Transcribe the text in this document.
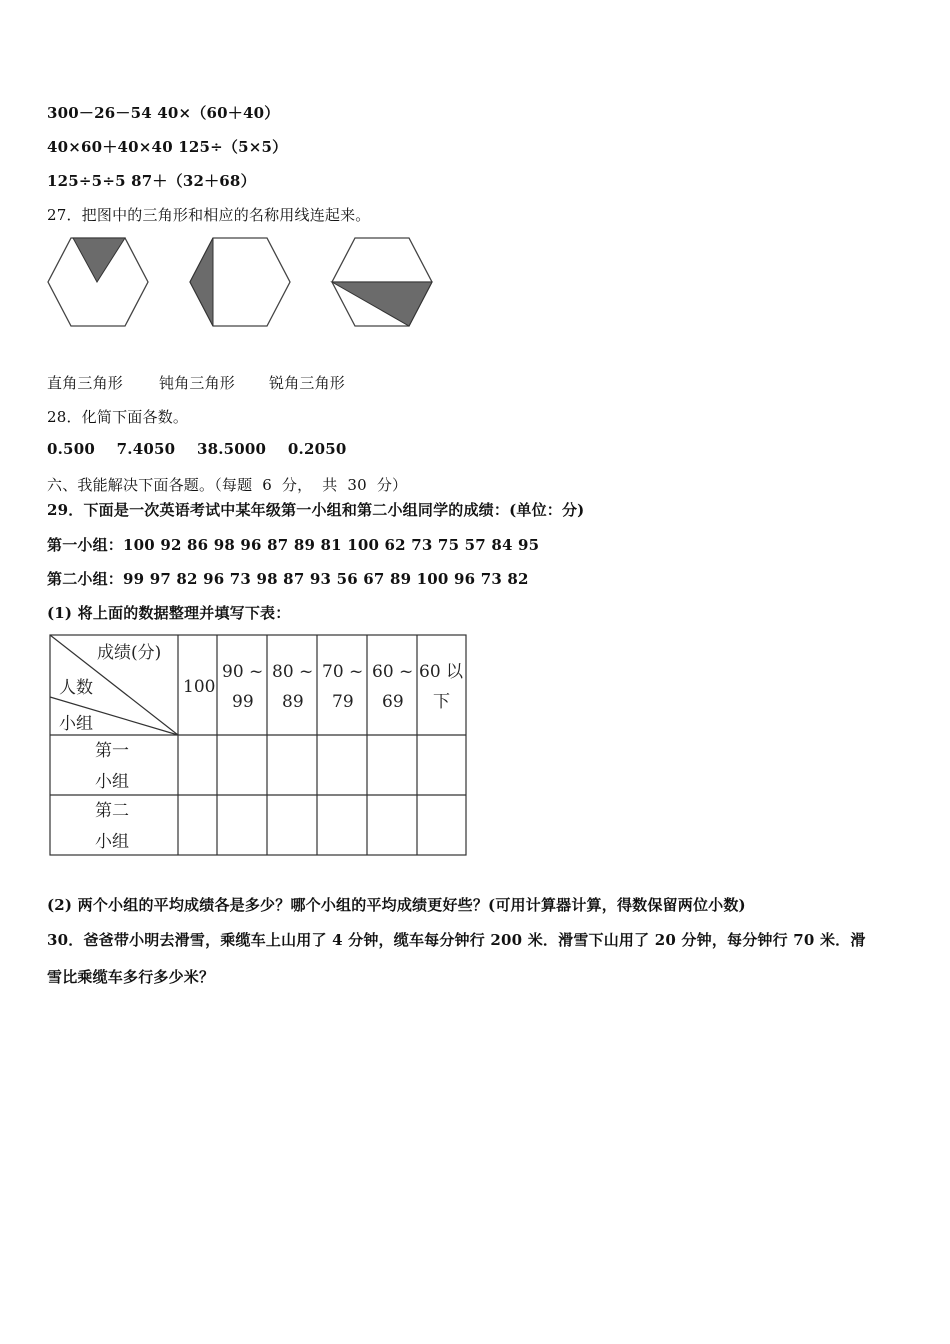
300－26－54 40×（60＋40）
40×60＋40×40 125÷（5×5）
125÷5÷5 87＋（32＋68）
27．把图中的三角形和相应的名称用线连起来。
直角三角形 钝角三角形 锐角三角形
28．化简下面各数。
0.500    7.4050    38.5000    0.2050
六、我能解决下面各题。（每题  6  分，  共  30  分）
29．下面是一次英语考试中某年级第一小组和第二小组同学的成绩：(单位：分)
第一小组：100 92 86 98 96 87 89 81 100 62 73 75 57 84 95
第二小组：99 97 82 96 73 98 87 93 56 67 89 100 96 73 82
(1) 将上面的数据整理并填写下表：
成绩(分)
人数
小组
100
90 ~
99
80 ~
89
70 ~
79
60 ~
69
60 以
下
第一
小组
第二
小组
(2) 两个小组的平均成绩各是多少？哪个小组的平均成绩更好些？(可用计算器计算，得数保留两位小数)
30．爸爸带小明去滑雪，乘缆车上山用了 4 分钟，缆车每分钟行 200 米．滑雪下山用了 20 分钟，每分钟行 70 米．滑
雪比乘缆车多行多少米？
